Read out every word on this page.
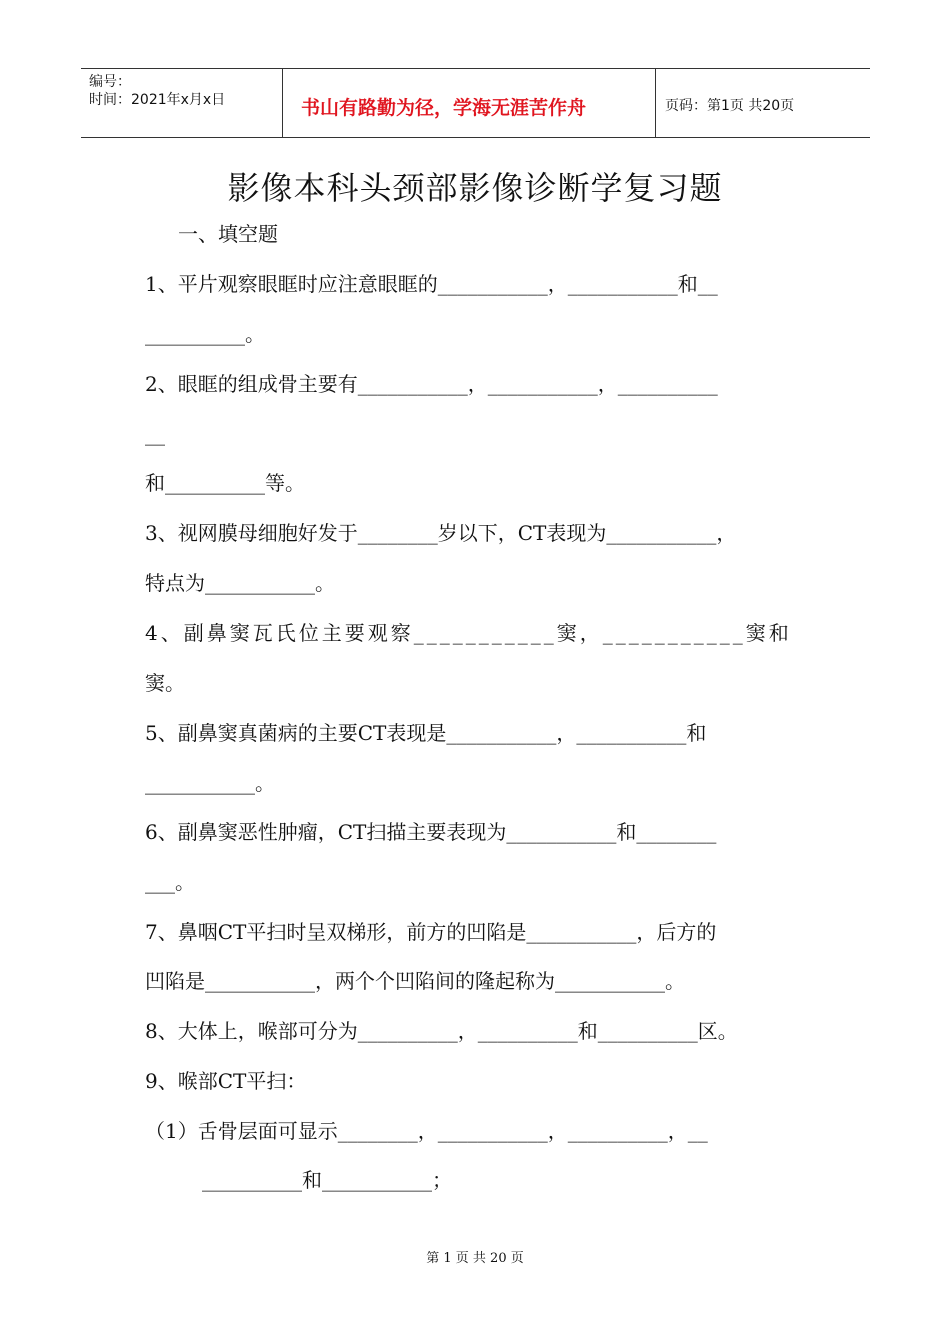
编号：
时间：2021年x月x日	书山有路勤为径，学海无涯苦作舟	页码：第1页 共20页
影像本科头颈部影像诊断学复习题
一、填空题
1、平片观察眼眶时应注意眼眶的___________，___________和__
__________。
2、眼眶的组成骨主要有___________，___________，__________
__
和__________等。
3、视网膜母细胞好发于________岁以下，CT表现为___________，
特点为___________。
4、副鼻窦瓦氏位主要观察___________窦，___________窦和
窦。
5、副鼻窦真菌病的主要CT表现是___________，___________和
___________。
6、副鼻窦恶性肿瘤，CT扫描主要表现为___________和________
___。
7、鼻咽CT平扫时呈双梯形，前方的凹陷是___________，后方的
凹陷是___________，两个个凹陷间的隆起称为___________。
8、大体上，喉部可分为__________，__________和__________区。
9、喉部CT平扫：
（1）舌骨层面可显示________，___________，__________，__
__________和___________；
第 1 页 共 20 页
